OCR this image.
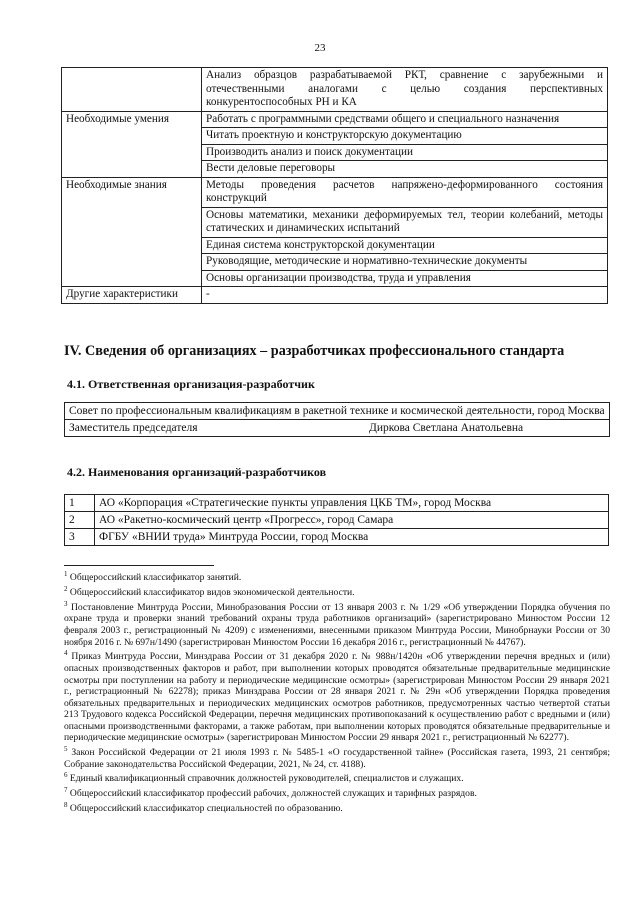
23
	Анализ образцов разрабатываемой РКТ, сравнение с зарубежными и отечественными аналогами с целью создания перспективных конкурентоспособных РН и КА
Необходимые умения	Работать с программными средствами общего и специального назначения
	Читать проектную и конструкторскую документацию
	Производить анализ и поиск документации
	Вести деловые переговоры
Необходимые знания	Методы проведения расчетов напряжено-деформированного состояния конструкций
	Основы математики, механики деформируемых тел, теории колебаний, методы статических и динамических испытаний
	Единая система конструкторской документации
	Руководящие, методические и нормативно-технические документы
	Основы организации производства, труда и управления
Другие характеристики	-
IV. Сведения об организациях – разработчиках профессионального стандарта
4.1. Ответственная организация-разработчик
Совет по профессиональным квалификациям в ракетной технике и космической деятельности, город Москва
Заместитель председателя	Диркова Светлана Анатольевна
4.2. Наименования организаций-разработчиков
1	АО «Корпорация «Стратегические пункты управления ЦКБ ТМ», город Москва
2	АО «Ракетно-космический центр «Прогресс», город Самара
3	ФГБУ «ВНИИ труда» Минтруда России, город Москва

$^1$ Общероссийский классификатор занятий.

$^2$ Общероссийский классификатор видов экономической деятельности.

$^3$ Постановление Минтруда России, Минобразования России от 13 января 2003 г. № 1/29 «Об утверждении Порядка обучения по охране труда и проверки знаний требований охраны труда работников организаций» (зарегистрировано Минюстом России 12 февраля 2003 г., регистрационный № 4209) с изменениями, внесенными приказом Минтруда России, Минобрнауки России от 30 ноября 2016 г. № 697н/1490 (зарегистрирован Минюстом России 16 декабря 2016 г., регистрационный № 44767).

$^4$ Приказ Минтруда России, Минздрава России от 31 декабря 2020 г. № 988н/1420н «Об утверждении перечня вредных и (или) опасных производственных факторов и работ, при выполнении которых проводятся обязательные предварительные медицинские осмотры при поступлении на работу и периодические медицинские осмотры» (зарегистрирован Минюстом России 29 января 2021 г., регистрационный № 62278); приказ Минздрава России от 28 января 2021 г. № 29н «Об утверждении Порядка проведения обязательных предварительных и периодических медицинских осмотров работников, предусмотренных частью четвертой статьи 213 Трудового кодекса Российской Федерации, перечня медицинских противопоказаний к осуществлению работ с вредными и (или) опасными производственными факторами, а также работам, при выполнении которых проводятся обязательные предварительные и периодические медицинские осмотры» (зарегистрирован Минюстом России 29 января 2021 г., регистрационный № 62277).

$^5$ Закон Российской Федерации от 21 июля 1993 г. № 5485-1 «О государственной тайне» (Российская газета, 1993, 21 сентября; Собрание законодательства Российской Федерации, 2021, № 24, ст. 4188).

$^6$ Единый квалификационный справочник должностей руководителей, специалистов и служащих.

$^7$ Общероссийский классификатор профессий рабочих, должностей служащих и тарифных разрядов.

$^8$ Общероссийский классификатор специальностей по образованию.
